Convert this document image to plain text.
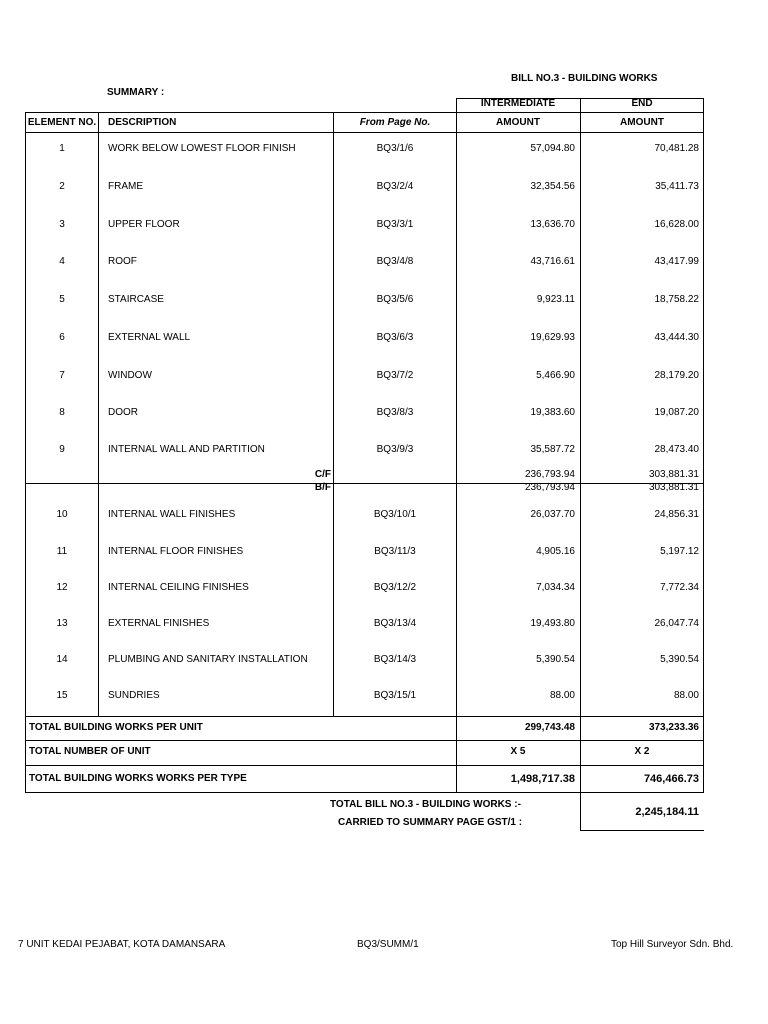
BILL NO.3 - BUILDING WORKS
SUMMARY :
INTERMEDIATE	END
ELEMENT NO. DESCRIPTION	From Page No.	AMOUNT	AMOUNT
1	WORK BELOW LOWEST FLOOR FINISH	BQ3/1/6	57,094.80	70,481.28
2	FRAME	BQ3/2/4	32,354.56	35,411.73
3	UPPER FLOOR	BQ3/3/1	13,636.70	16,628.00
4	ROOF	BQ3/4/8	43,716.61	43,417.99
5	STAIRCASE	BQ3/5/6	9,923.11	18,758.22
6	EXTERNAL WALL	BQ3/6/3	19,629.93	43,444.30
7	WINDOW	BQ3/7/2	5,466.90	28,179.20
8	DOOR	BQ3/8/3	19,383.60	19,087.20
9	INTERNAL WALL AND PARTITION	BQ3/9/3	35,587.72	28,473.40
C/F	236,793.94	303,881.31
B/F	236,793.94	303,881.31
10	INTERNAL WALL FINISHES	BQ3/10/1	26,037.70	24,856.31
11	INTERNAL FLOOR FINISHES	BQ3/11/3	4,905.16	5,197.12
12	INTERNAL CEILING FINISHES	BQ3/12/2	7,034.34	7,772.34
13	EXTERNAL FINISHES	BQ3/13/4	19,493.80	26,047.74
14	PLUMBING AND SANITARY INSTALLATION	BQ3/14/3	5,390.54	5,390.54
15	SUNDRIES	BQ3/15/1	88.00	88.00
TOTAL BUILDING WORKS PER UNIT	299,743.48	373,233.36
TOTAL NUMBER OF UNIT	X 5	X 2
TOTAL BUILDING WORKS WORKS PER TYPE	1,498,717.38	746,466.73
TOTAL BILL NO.3 - BUILDING WORKS :-
CARRIED TO SUMMARY PAGE GST/1 :
2,245,184.11
7 UNIT KEDAI PEJABAT, KOTA DAMANSARA	BQ3/SUMM/1	Top Hill Surveyor Sdn. Bhd.
